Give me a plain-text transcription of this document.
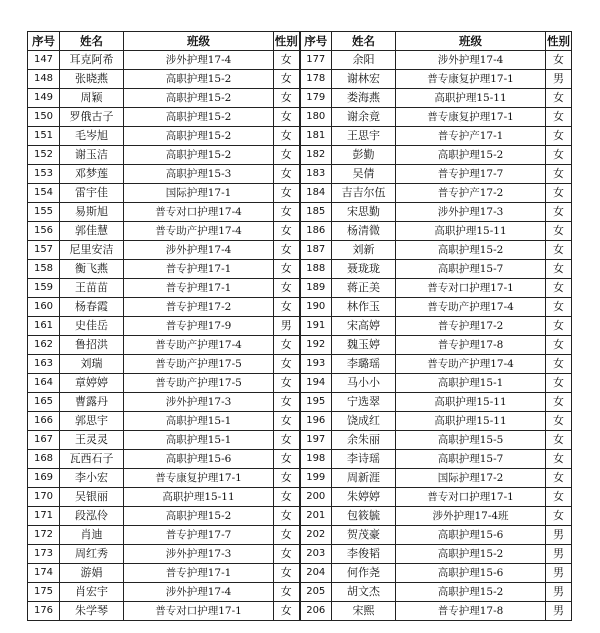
序号	姓名	班级	性别	序号	姓名	班级	性别
147	耳克阿希	涉外护理17-4	女	177	余阳	涉外护理17-4	女
148	张晓燕	高职护理15-2	女	178	谢林宏	普专康复护理17-1	男
149	周颖	高职护理15-2	女	179	娄海燕	高职护理15-11	女
150	罗俄古子	高职护理15-2	女	180	谢余竟	普专康复护理17-1	女
151	毛岑旭	高职护理15-2	女	181	王思宇	普专护产17-1	女
152	谢玉洁	高职护理15-2	女	182	彭勤	高职护理15-2	女
153	邓梦莲	高职护理15-3	女	183	吴倩	普专护理17-7	女
154	雷宇佳	国际护理17-1	女	184	吉吉尔伍	普专护产17-2	女
155	易斯旭	普专对口护理17-4	女	185	宋思勤	涉外护理17-3	女
156	郭佳慧	普专助产护理17-4	女	186	杨清微	高职护理15-11	女
157	尼里安洁	涉外护理17-4	女	187	刘新	高职护理15-2	女
158	衡飞燕	普专护理17-1	女	188	聂珑珑	高职护理15-7	女
159	王苗苗	普专护理17-1	女	189	蒋正美	普专对口护理17-1	女
160	杨春霞	普专护理17-2	女	190	林作玉	普专助产护理17-4	女
161	史佳岳	普专护理17-9	男	191	宋高婷	普专护理17-2	女
162	鲁招洪	普专助产护理17-4	女	192	魏玉婷	普专护理17-8	女
163	刘瑞	普专助产护理17-5	女	193	李璐瑶	普专助产护理17-4	女
164	章婷婷	普专助产护理17-5	女	194	马小小	高职护理15-1	女
165	曹露丹	涉外护理17-3	女	195	宁选翠	高职护理15-11	女
166	郭思宇	高职护理15-1	女	196	饶成红	高职护理15-11	女
167	王灵灵	高职护理15-1	女	197	余朱丽	高职护理15-5	女
168	瓦西石子	高职护理15-6	女	198	李诗瑶	高职护理15-7	女
169	李小宏	普专康复护理17-1	女	199	周新涯	国际护理17-2	女
170	吴银丽	高职护理15-11	女	200	朱婷婷	普专对口护理17-1	女
171	段泓伶	高职护理15-2	女	201	包筱毓	涉外护理17-4班	女
172	肖迪	普专护理17-7	女	202	贺茂豪	高职护理15-6	男
173	周红秀	涉外护理17-3	女	203	李俊韬	高职护理15-2	男
174	游娟	普专护理17-1	女	204	何作尧	高职护理15-6	男
175	肖宏宇	涉外护理17-4	女	205	胡文杰	高职护理15-2	男
176	朱学琴	普专对口护理17-1	女	206	宋熙	普专护理17-8	男
